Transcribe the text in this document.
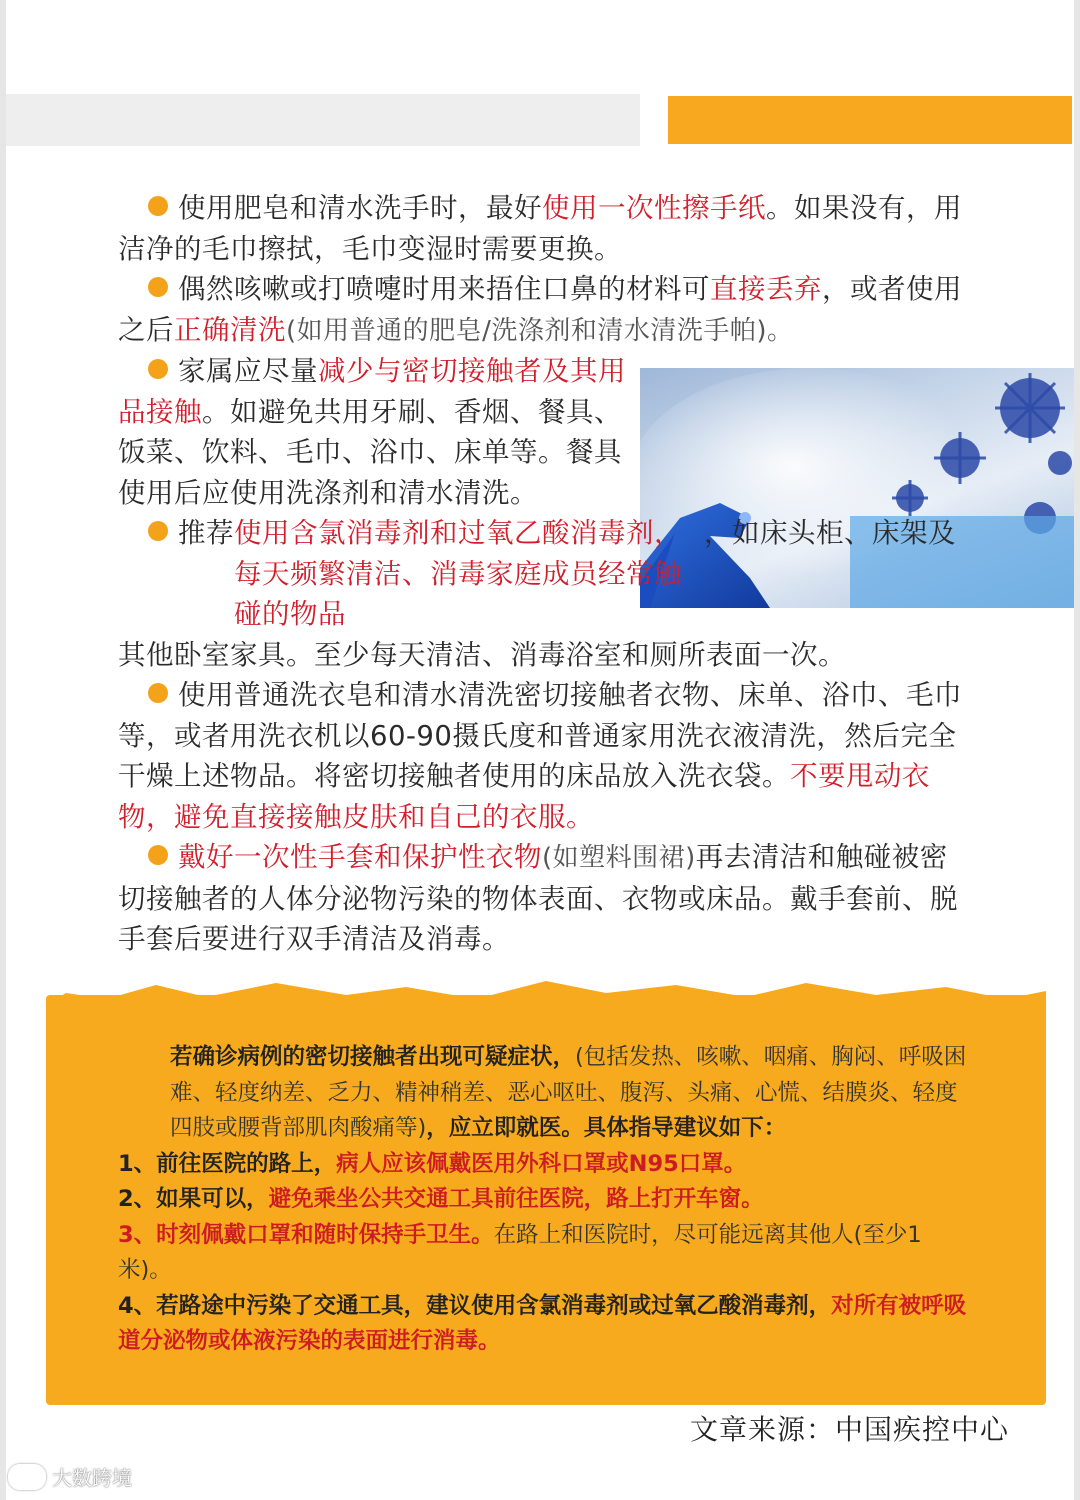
使用肥皂和清水洗手时，最好使用一次性擦手纸。如果没有，用洁净的毛巾擦拭，毛巾变湿时需要更换。

偶然咳嗽或打喷嚏时用来捂住口鼻的材料可直接丢弃，或者使用之后正确清洗(如用普通的肥皂/洗涤剂和清水清洗手帕)。

家属应尽量减少与密切接触者及其用品接触。如避免共用牙刷、香烟、餐具、饭菜、饮料、毛巾、浴巾、床单等。餐具使用后应使用洗涤剂和清水清洗。

推荐使用含氯消毒剂和过氧乙酸消毒剂，每天频繁清洁、消毒家庭成员经常触碰的物品，如床头柜、床架及其他卧室家具。至少每天清洁、消毒浴室和厕所表面一次。

使用普通洗衣皂和清水清洗密切接触者衣物、床单、浴巾、毛巾等，或者用洗衣机以60-90摄氏度和普通家用洗衣液清洗，然后完全干燥上述物品。将密切接触者使用的床品放入洗衣袋。不要甩动衣物，避免直接接触皮肤和自己的衣服。

戴好一次性手套和保护性衣物(如塑料围裙)再去清洁和触碰被密切接触者的人体分泌物污染的物体表面、衣物或床品。戴手套前、脱手套后要进行双手清洁及消毒。

若确诊病例的密切接触者出现可疑症状，(包括发热、咳嗽、咽痛、胸闷、呼吸困难、轻度纳差、乏力、精神稍差、恶心呕吐、腹泻、头痛、心慌、结膜炎、轻度四肢或腰背部肌肉酸痛等)，应立即就医。具体指导建议如下：

1、前往医院的路上，病人应该佩戴医用外科口罩或N95口罩。

2、如果可以，避免乘坐公共交通工具前往医院，路上打开车窗。

3、时刻佩戴口罩和随时保持手卫生。在路上和医院时，尽可能远离其他人(至少1米)。

4、若路途中污染了交通工具，建议使用含氯消毒剂或过氧乙酸消毒剂，对所有被呼吸道分泌物或体液污染的表面进行消毒。

文章来源：中国疾控中心
大数跨境
